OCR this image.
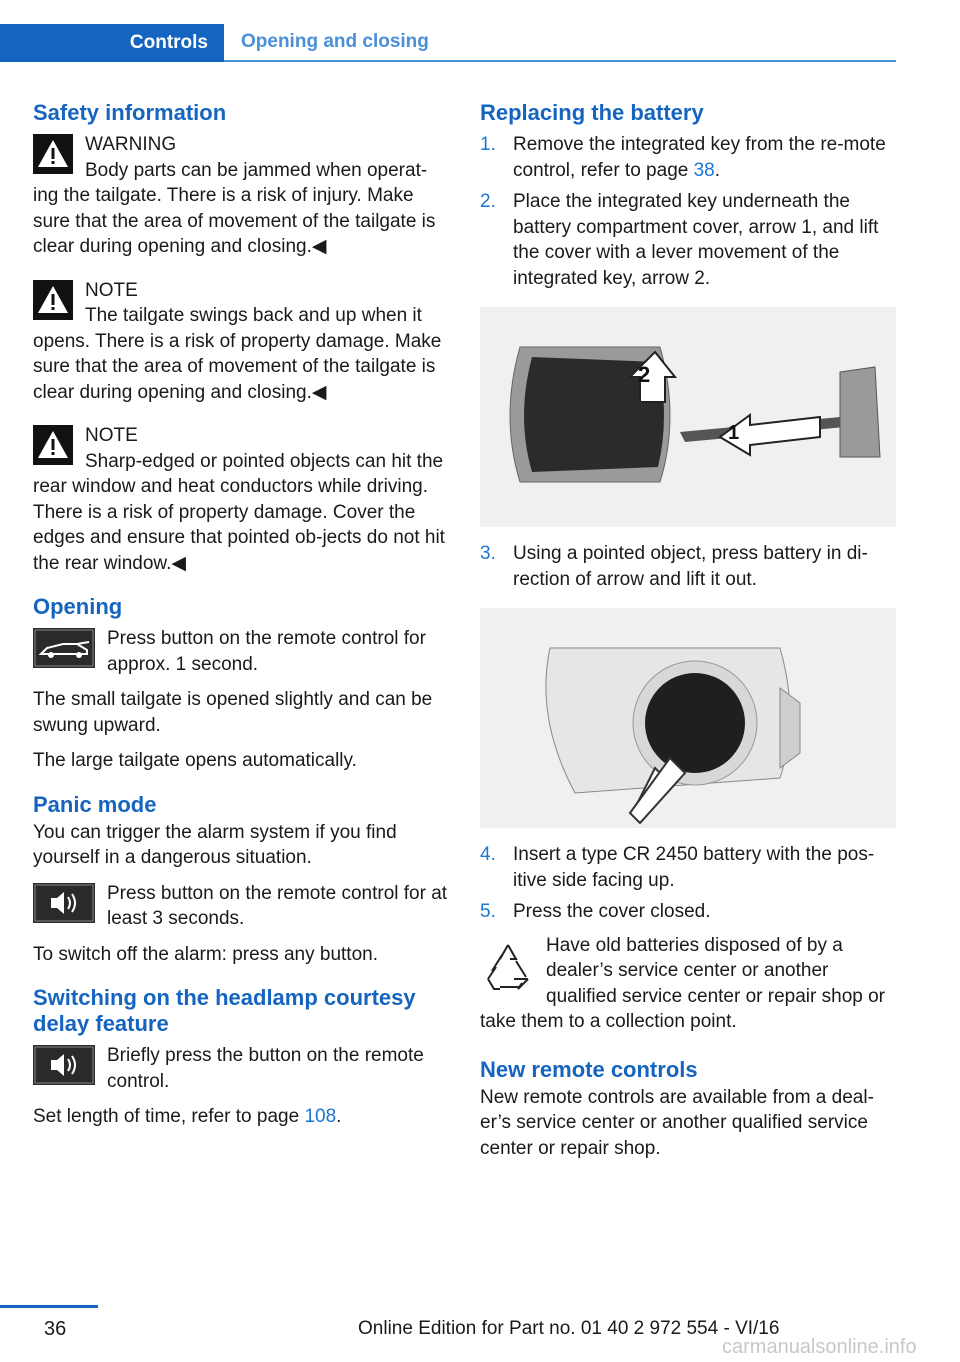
Controls	Opening and closing
Safety information
WARNING
Body parts can be jammed when operat-ing the tailgate. There is a risk of injury. Make sure that the area of movement of the tailgate is clear during opening and closing.◀
NOTE
The tailgate swings back and up when it opens. There is a risk of property damage. Make sure that the area of movement of the tailgate is clear during opening and closing.◀
NOTE
Sharp-edged or pointed objects can hit the rear window and heat conductors while driving. There is a risk of property damage. Cover the edges and ensure that pointed ob-jects do not hit the rear window.◀
Opening
Press button on the remote control for approx. 1 second.

The small tailgate is opened slightly and can be swung upward.

The large tailgate opens automatically.

Panic mode

You can trigger the alarm system if you find yourself in a dangerous situation.

Press button on the remote control for at least 3 seconds.

To switch off the alarm: press any button.

Switching on the headlamp courtesy delay feature
Briefly press the button on the remote control.

Set length of time, refer to page 108.

Replacing the battery
1. Remove the integrated key from the re-mote control, refer to page 38.
2. Place the integrated key underneath the battery compartment cover, arrow 1, and lift the cover with a lever movement of the integrated key, arrow 2.
2
1
3. Using a pointed object, press battery in di-rection of arrow and lift it out.
4. Insert a type CR 2450 battery with the pos-itive side facing up.
5. Press the cover closed.
Have old batteries disposed of by a dealer’s service center or another qualified service center or repair shop or take them to a collection point.
New remote controls

New remote controls are available from a deal-er’s service center or another qualified service center or repair shop.

36	Online Edition for Part no. 01 40 2 972 554 - VI/16
carmanualsonline.info
